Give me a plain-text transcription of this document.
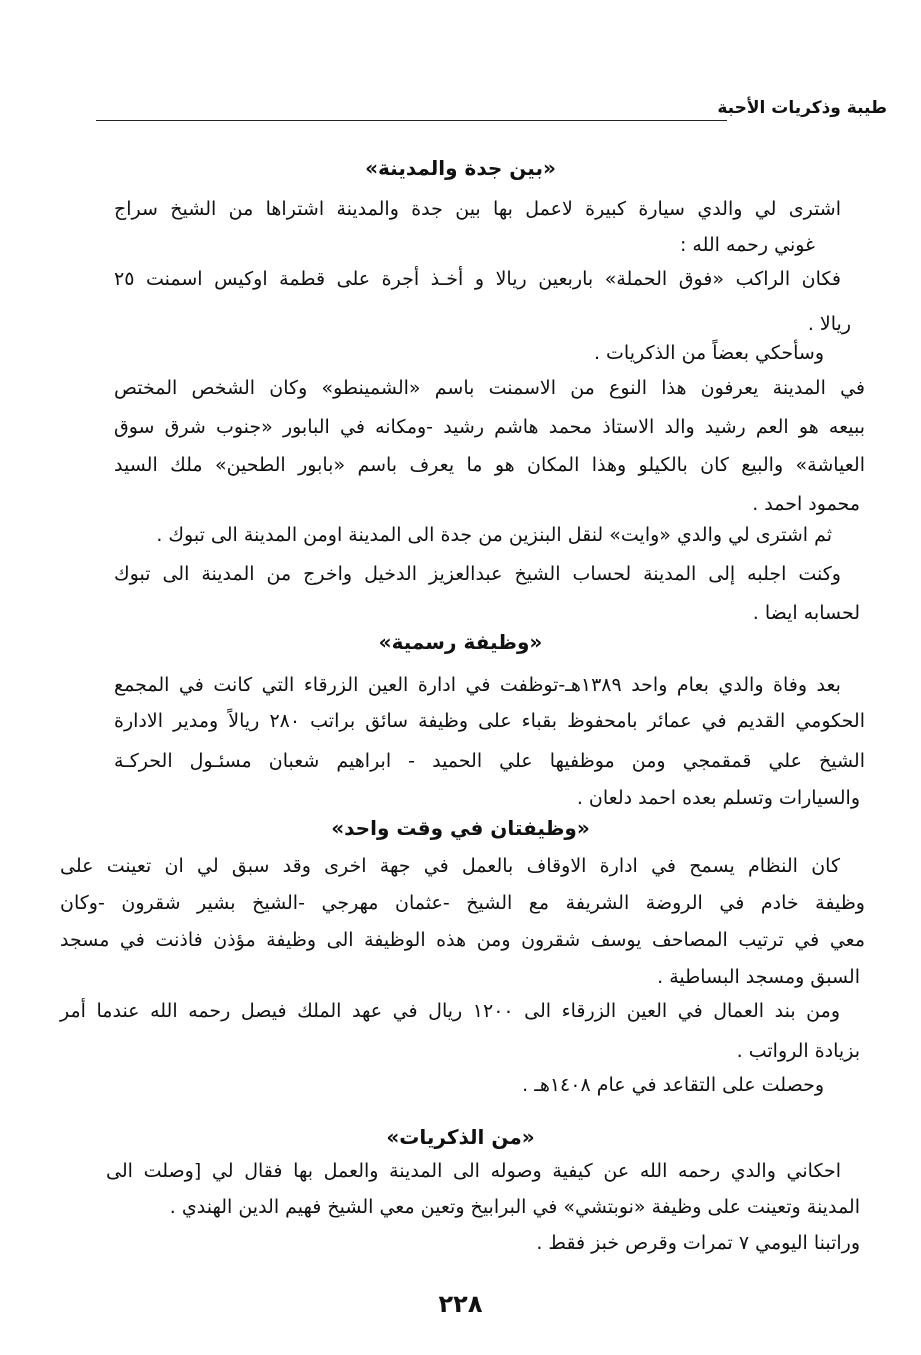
طيبة وذكريات الأحبة
«بين جدة والمدينة»
اشترى لي والدي سيارة كبيرة لاعمل بها بين جدة والمدينة اشتراها من الشيخ سراج
غوني رحمه الله :
فكان الراكب «فوق الحملة» باربعين ريالا و أخـذ أجرة على قطمة اوكيس اسمنت ٢٥
ريالا .
وسأحكي بعضاً من الذكريات .
في المدينة يعرفون هذا النوع من الاسمنت باسم «الشمينطو» وكان الشخص المختص
ببيعه هو العم رشيد والد الاستاذ محمد هاشم رشيد -ومكانه في البابور «جنوب شرق سوق
العياشة» والبيع كان بالكيلو وهذا المكان هو ما يعرف باسم «بابور الطحين» ملك السيد
محمود احمد .
ثم اشترى لي والدي «وايت» لنقل البنزين من جدة الى المدينة اومن المدينة الى تبوك .
وكنت اجلبه إلى المدينة لحساب الشيخ عبدالعزيز الدخيل واخرج من المدينة الى تبوك
لحسابه ايضا .
«وظيفة رسمية»
بعد وفاة والدي بعام واحد ١٣٨٩هـ-توظفت في ادارة العين الزرقاء التي كانت في المجمع
الحكومي القديم في عمائر بامحفوظ بقباء على وظيفة سائق براتب ٢٨٠ ريالاً ومدير الادارة
الشيخ علي قمقمجي ومن موظفيها علي الحميد - ابراهيم شعبان مسئـول الحركـة
والسيارات وتسلم بعده احمد دلعان .
«وظيفتان في وقت واحد»
كان النظام يسمح في ادارة الاوقاف بالعمل في جهة اخرى وقد سبق لي ان تعينت على
وظيفة خادم في الروضة الشريفة مع الشيخ -عثمان مهرجي -الشيخ بشير شقرون -وكان
معي في ترتيب المصاحف يوسف شقرون ومن هذه الوظيفة الى وظيفة مؤذن فاذنت في مسجد
السبق ومسجد البساطية .
ومن بند العمال في العين الزرقاء الى ١٢٠٠ ريال في عهد الملك فيصل رحمه الله عندما أمر
بزيادة الرواتب .
وحصلت على التقاعد في عام ١٤٠٨هـ .
«من الذكريات»
احكاني والدي رحمه الله عن كيفية وصوله الى المدينة والعمل بها فقال لي [وصلت الى
المدينة وتعينت على وظيفة «نوبتشي» في البرابيخ وتعين معي الشيخ فهيم الدين الهندي .
وراتبنا اليومي ٧ تمرات وقرص خبز فقط .
٢٢٨
